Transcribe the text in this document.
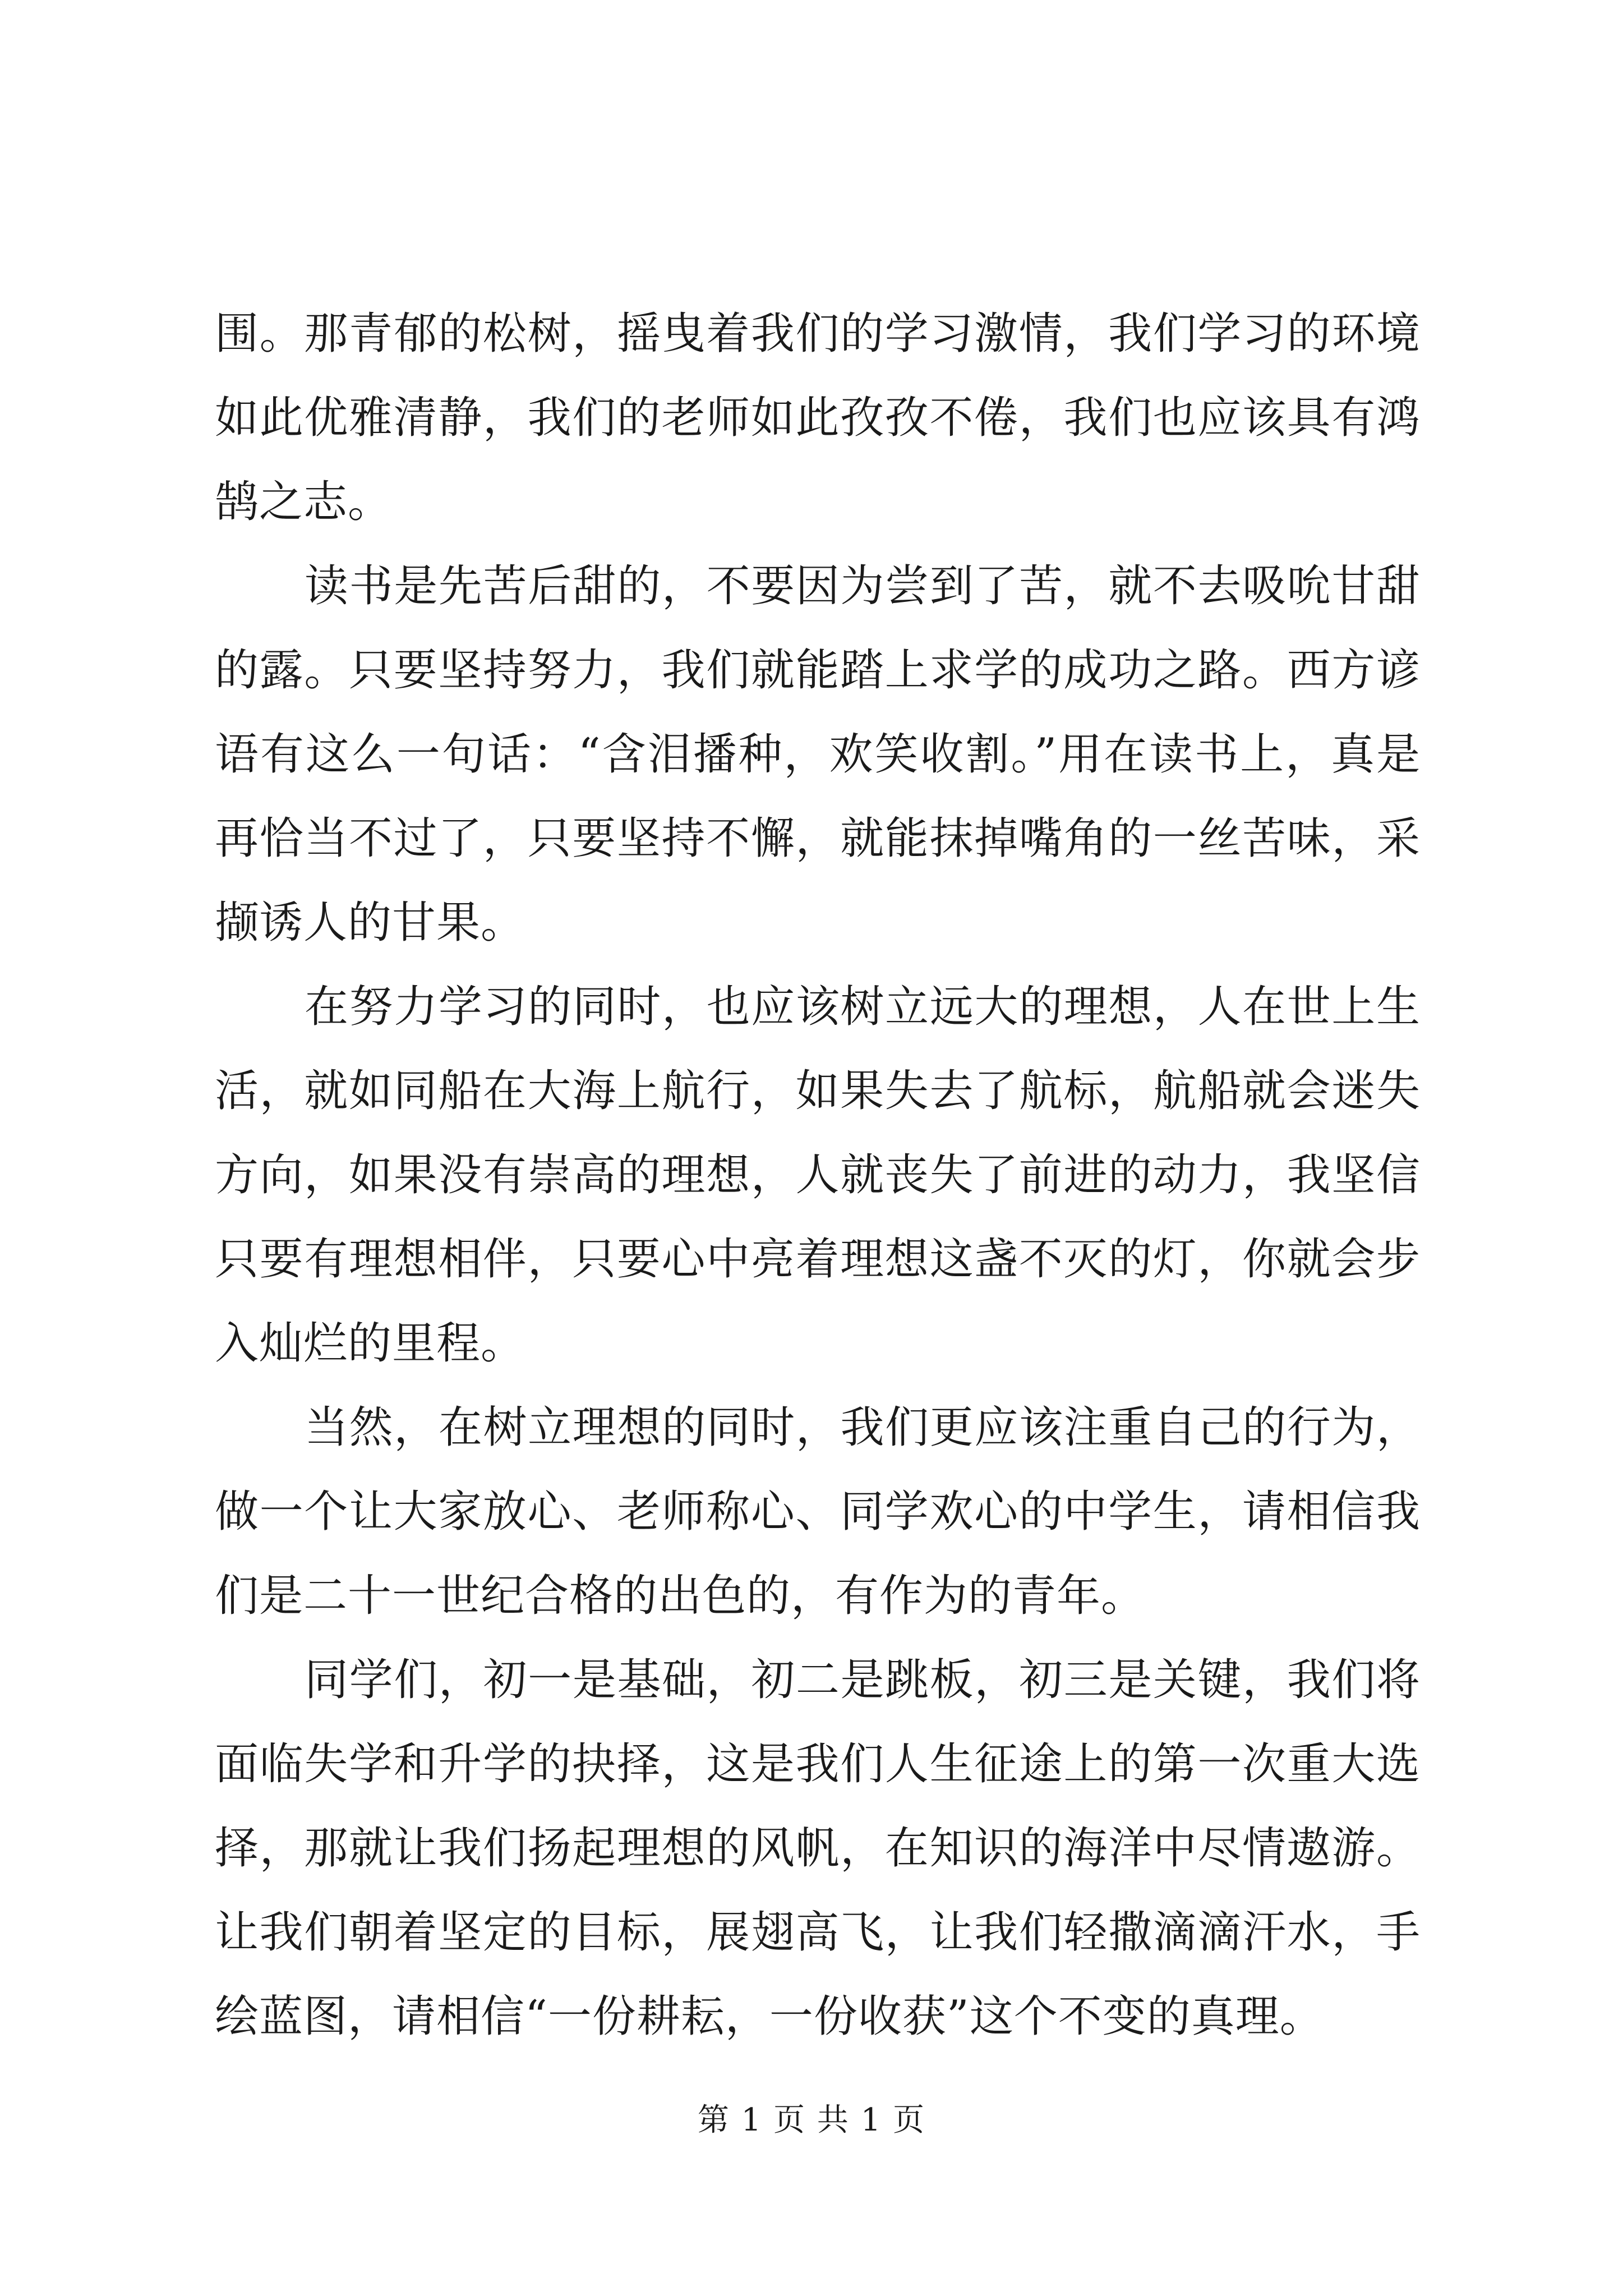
围。那青郁的松树，摇曳着我们的学习激情，我们学习的环境如此优雅清静，我们的老师如此孜孜不倦，我们也应该具有鸿鹄之志。

读书是先苦后甜的，不要因为尝到了苦，就不去吸吮甘甜的露。只要坚持努力，我们就能踏上求学的成功之路。西方谚语有这么一句话：“含泪播种，欢笑收割。”用在读书上，真是再恰当不过了，只要坚持不懈，就能抹掉嘴角的一丝苦味，采撷诱人的甘果。

在努力学习的同时，也应该树立远大的理想，人在世上生活，就如同船在大海上航行，如果失去了航标，航船就会迷失方向，如果没有崇高的理想，人就丧失了前进的动力，我坚信只要有理想相伴，只要心中亮着理想这盏不灭的灯，你就会步入灿烂的里程。

当然，在树立理想的同时，我们更应该注重自己的行为，做一个让大家放心、老师称心、同学欢心的中学生，请相信我们是二十一世纪合格的出色的，有作为的青年。

同学们，初一是基础，初二是跳板，初三是关键，我们将面临失学和升学的抉择，这是我们人生征途上的第一次重大选择，那就让我们扬起理想的风帆，在知识的海洋中尽情遨游。让我们朝着坚定的目标，展翅高飞，让我们轻撒滴滴汗水，手绘蓝图，请相信“一份耕耘，一份收获”这个不变的真理。

第 1 页 共 1 页
